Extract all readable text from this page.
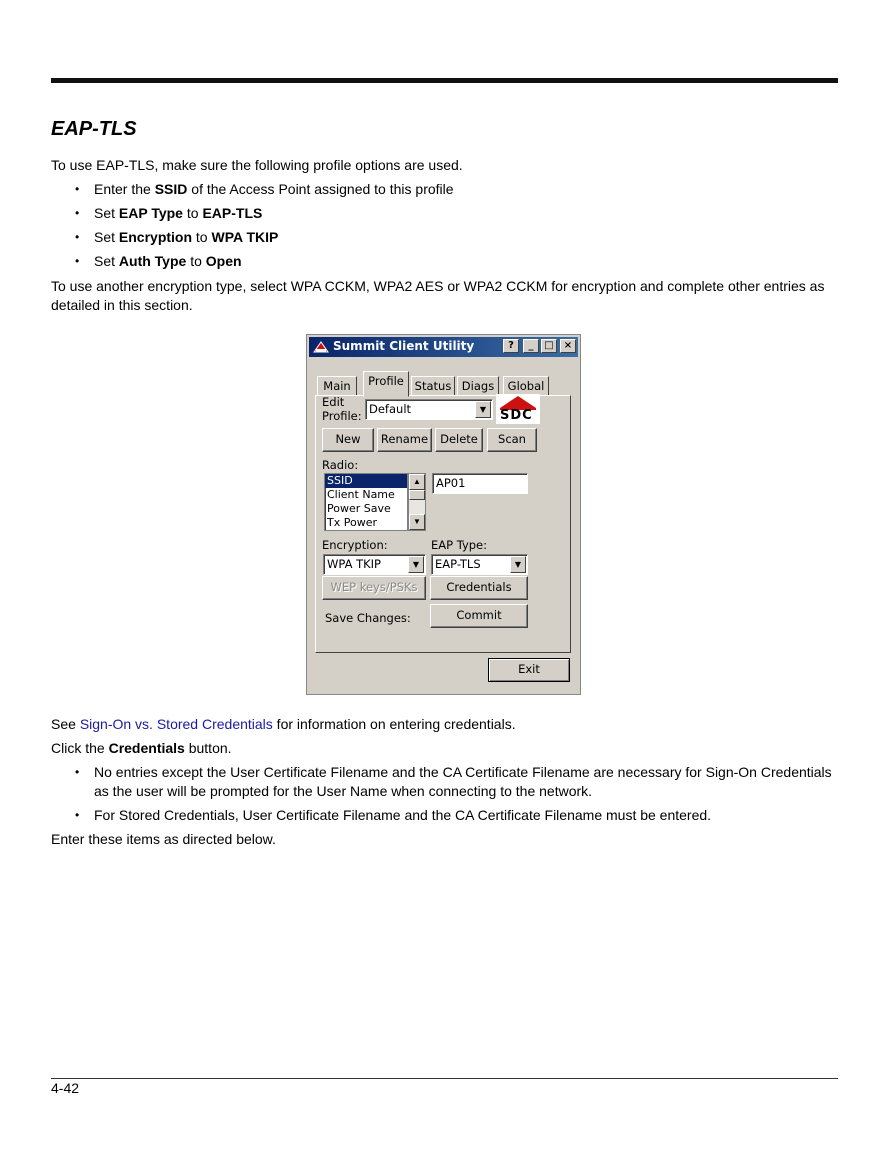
EAP-TLS

To use EAP-TLS, make sure the following profile options are used.

• Enter the SSID of the Access Point assigned to this profile
• Set EAP Type to EAP-TLS
• Set Encryption to WPA TKIP
• Set Auth Type to Open

To use another encryption type, select WPA CCKM, WPA2 AES or WPA2 CCKM for encryption and complete other entries as detailed in this section.

Summit Client Utility	?	_	□	×
Main	Profile Status Diags	Global
Edit
Profile: Default	▼	SDC
New	Rename	Delete	Scan
Radio:
SSID
Client Name
Power Save
Tx Power
▲
▼
AP01
Encryption:	EAP Type:
WPA TKIP	▼	EAP-TLS	▼
WEP keys/PSKs	Credentials
Save Changes:	Commit
Exit

See Sign-On vs. Stored Credentials for information on entering credentials.

Click the Credentials button.

• No entries except the User Certificate Filename and the CA Certificate Filename are necessary for Sign-On Credentials as the user will be prompted for the User Name when connecting to the network.
• For Stored Credentials, User Certificate Filename and the CA Certificate Filename must be entered.

Enter these items as directed below.

4-42
